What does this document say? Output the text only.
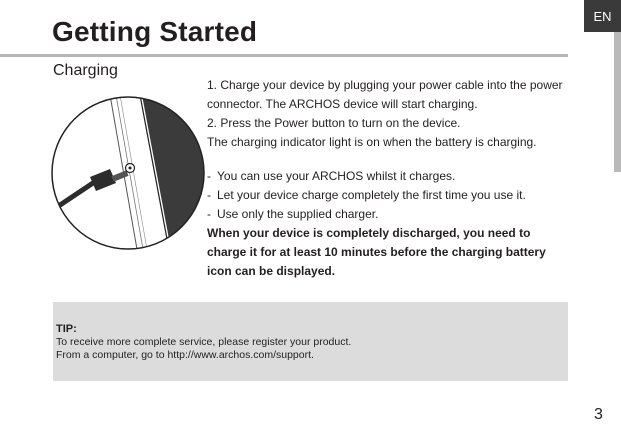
EN
Getting Started
Charging

1. Charge your device by plugging your power cable into the power connector. The ARCHOS device will start charging.

2. Press the Power button to turn on the device.

The charging indicator light is on when the battery is charging.

- You can use your ARCHOS whilst it charges.
- Let your device charge completely the ﬁrst time you use it.
- Use only the supplied charger.

When your device is completely discharged, you need to charge it for at least 10 minutes before the charging battery icon can be displayed.

TIP:
To receive more complete service, please register your product.
From a computer, go to http://www.archos.com/support.
3
